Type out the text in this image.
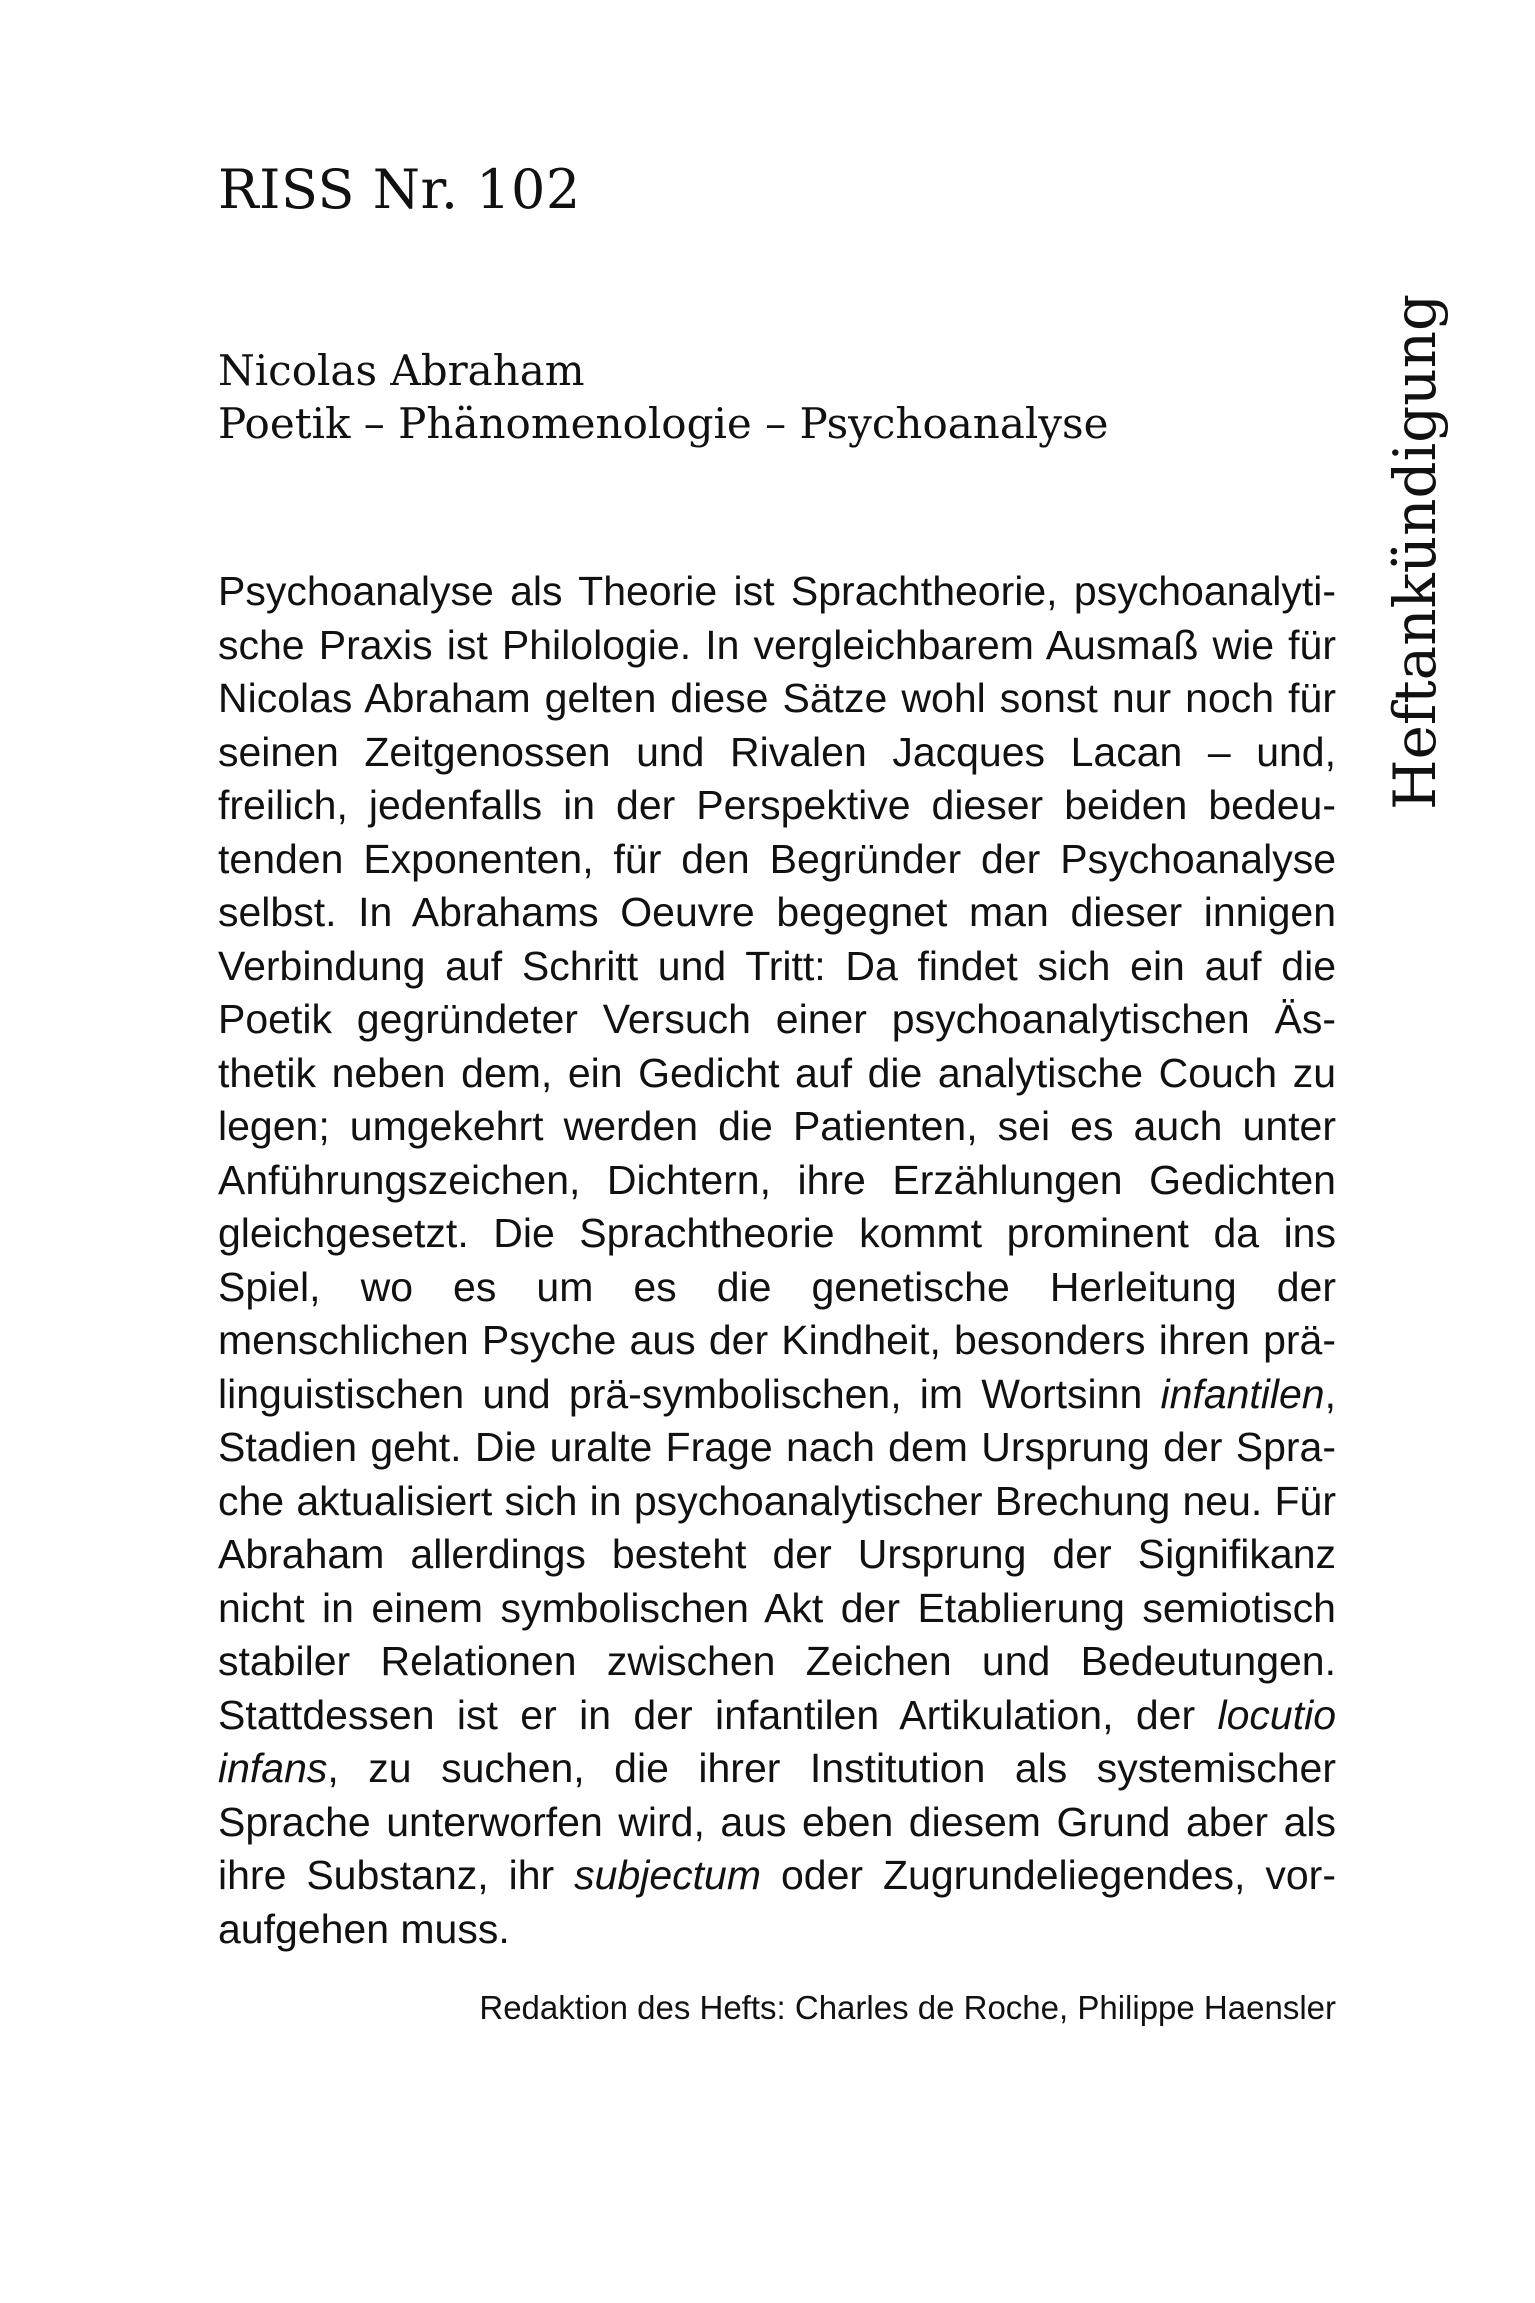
RISS Nr. 102
Nicolas Abraham
Poetik – Phänomenologie – Psychoanalyse	Heftankündigung

Psychoanalyse als Theorie ist Sprachtheorie, psychoanalytische Praxis ist Philologie. In vergleichbarem Ausmaß wie für Nicolas Abraham gelten diese Sätze wohl sonst nur noch für seinen Zeitgenossen und Rivalen Jacques Lacan – und, freilich, jedenfalls in der Perspektive dieser beiden bedeutenden Exponenten, für den Begründer der Psychoanalyse selbst. In Abrahams Oeuvre begegnet man dieser innigen Verbindung auf Schritt und Tritt: Da findet sich ein auf die Poetik gegründeter Versuch einer psychoanalytischen Ästhetik neben dem, ein Gedicht auf die analytische Couch zu legen; umgekehrt werden die Patienten, sei es auch unter Anführungszeichen, Dichtern, ihre Erzählungen Gedichten gleichgesetzt. Die Sprachtheorie kommt prominent da ins Spiel, wo es um es die genetische Herleitung der menschlichen Psyche aus der Kindheit, besonders ihren prälinguistischen und prä-symbolischen, im Wortsinn infantilen, Stadien geht. Die uralte Frage nach dem Ursprung der Sprache aktualisiert sich in psychoanalytischer Brechung neu. Für Abraham allerdings besteht der Ursprung der Signifikanz nicht in einem symbolischen Akt der Etablierung semiotisch stabiler Relationen zwischen Zeichen und Bedeutungen. Stattdessen ist er in der infantilen Artikulation, der locutio infans, zu suchen, die ihrer Institution als systemischer Sprache unterworfen wird, aus eben diesem Grund aber als ihre Substanz, ihr subjectum oder Zugrundeliegendes, voraufgehen muss.

Redaktion des Hefts: Charles de Roche, Philippe Haensler
